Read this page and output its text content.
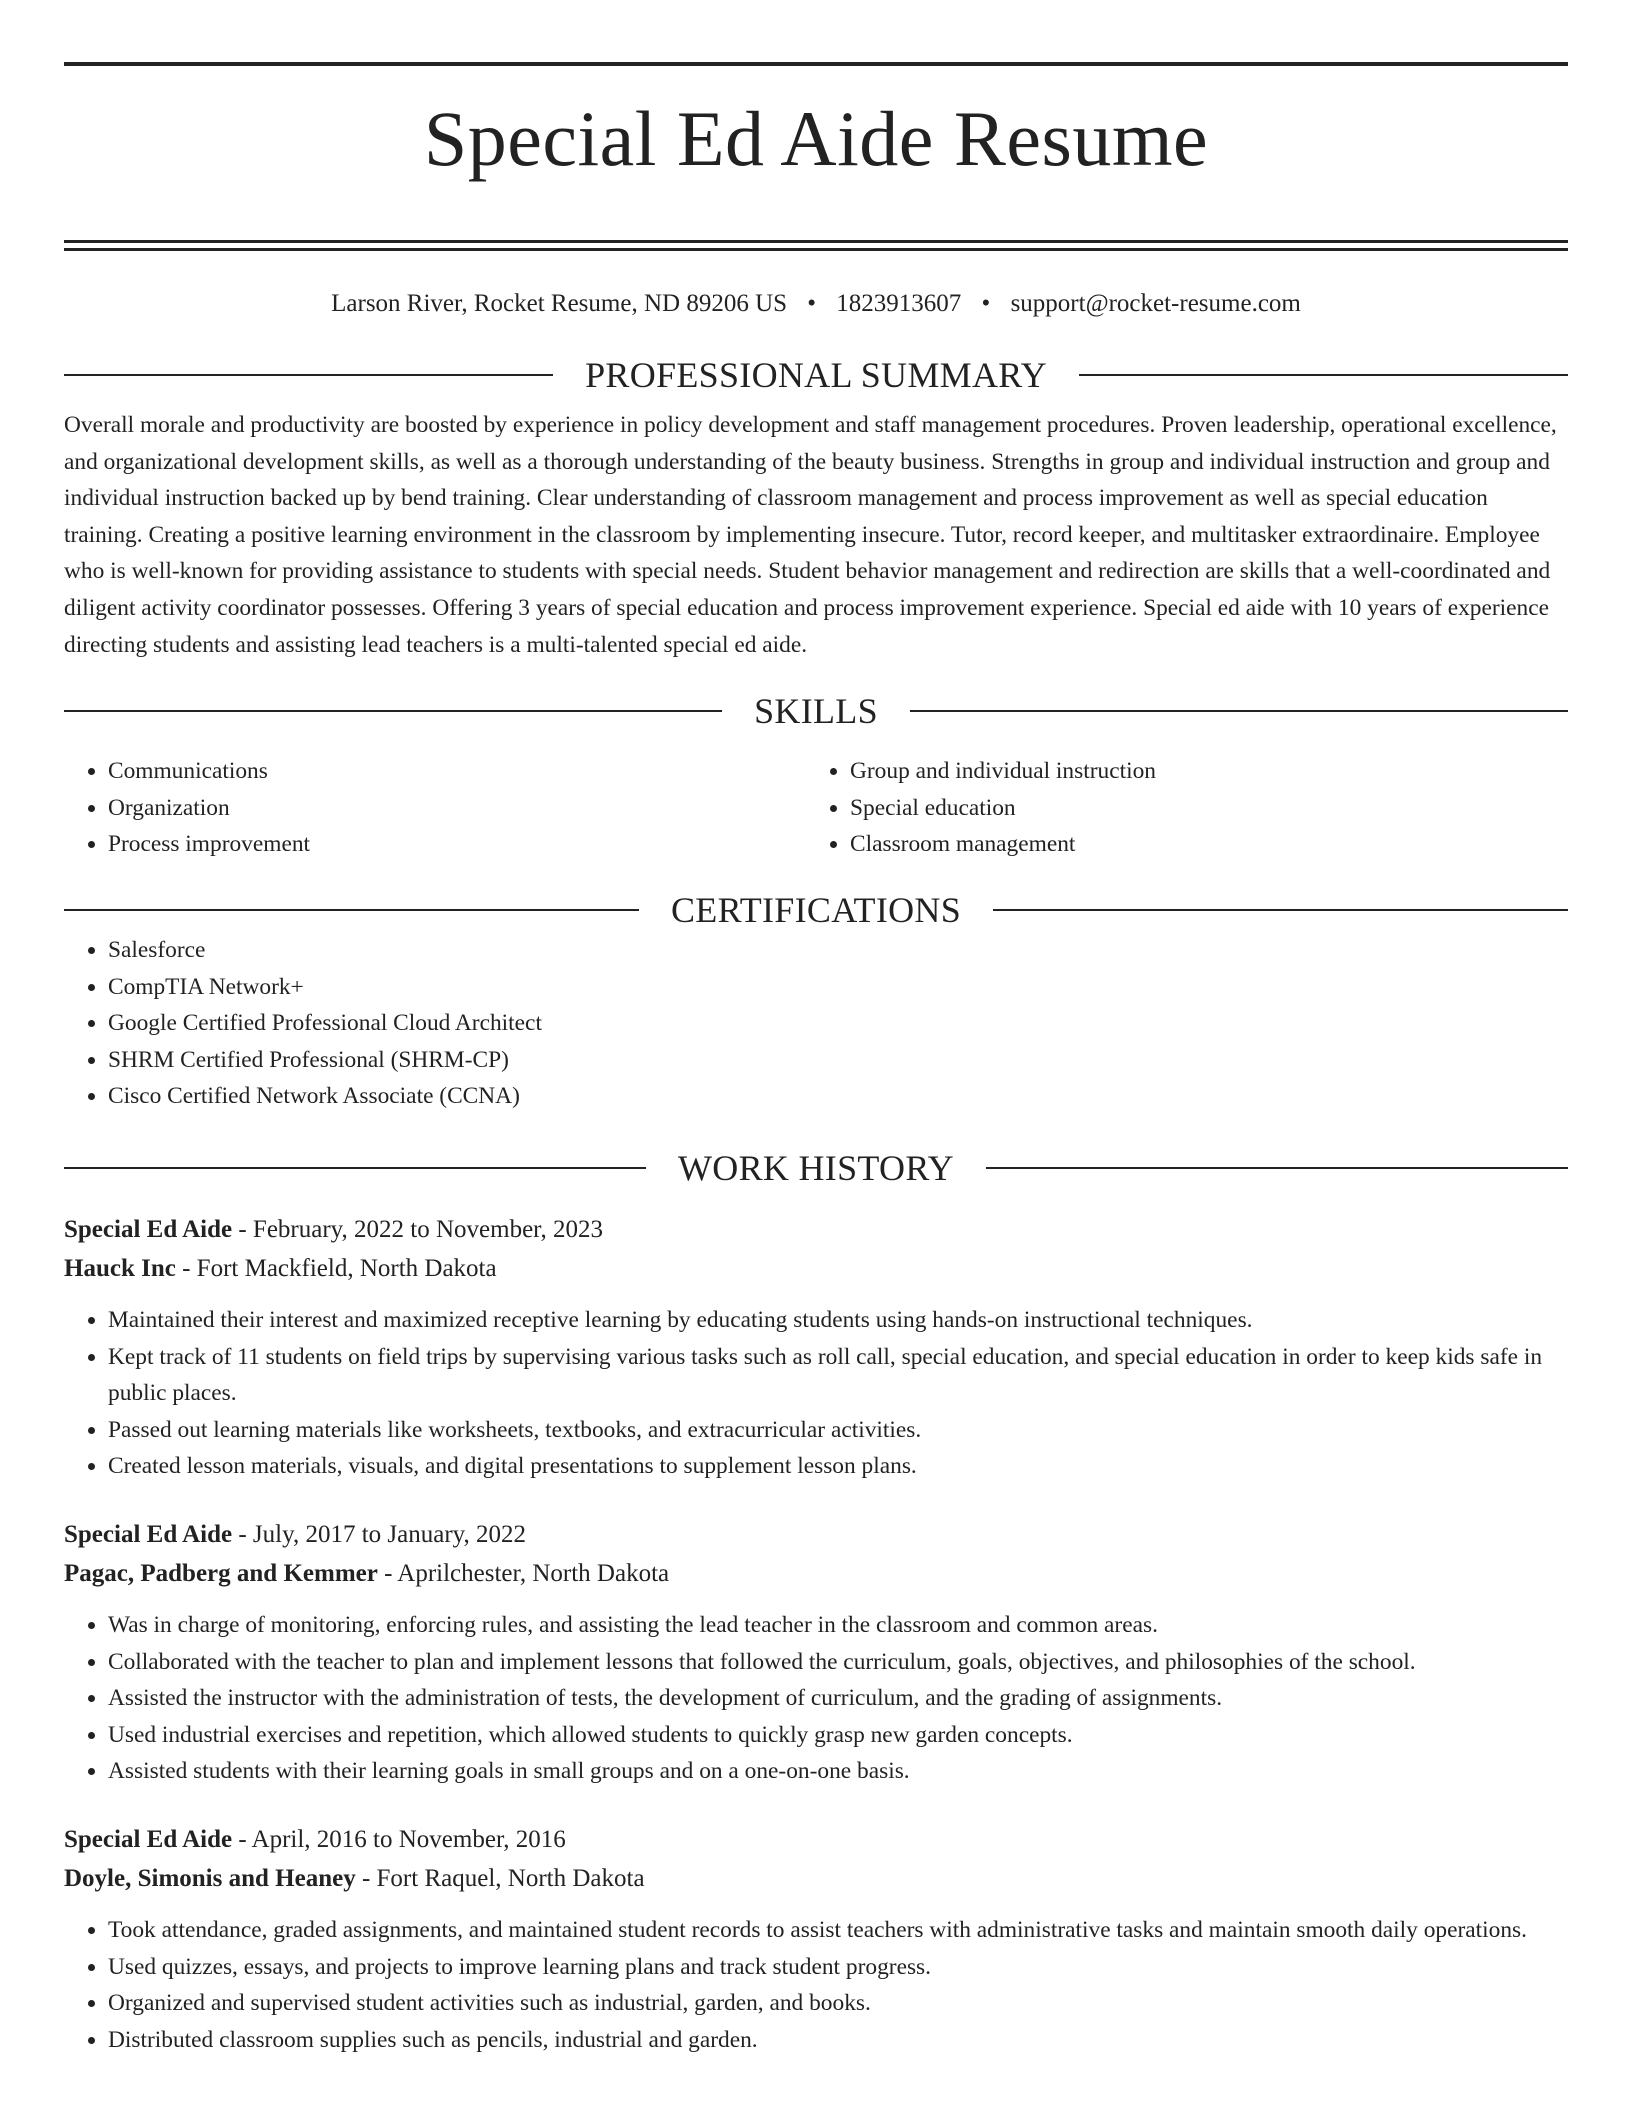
Special Ed Aide Resume
Larson River, Rocket Resume, ND 89206 US • 1823913607 • support@rocket-resume.com
PROFESSIONAL SUMMARY
Overall morale and productivity are boosted by experience in policy development and staff management procedures. Proven leadership, operational excellence, and organizational development skills, as well as a thorough understanding of the beauty business. Strengths in group and individual instruction and group and individual instruction backed up by bend training. Clear understanding of classroom management and process improvement as well as special education training. Creating a positive learning environment in the classroom by implementing insecure. Tutor, record keeper, and multitasker extraordinaire. Employee who is well-known for providing assistance to students with special needs. Student behavior management and redirection are skills that a well-coordinated and diligent activity coordinator possesses. Offering 3 years of special education and process improvement experience. Special ed aide with 10 years of experience directing students and assisting lead teachers is a multi-talented special ed aide.
SKILLS
• Communications
• Organization
• Process improvement
• Group and individual instruction
• Special education
• Classroom management
CERTIFICATIONS
• Salesforce
• CompTIA Network+
• Google Certified Professional Cloud Architect
• SHRM Certified Professional (SHRM-CP)
• Cisco Certified Network Associate (CCNA)
WORK HISTORY
Special Ed Aide - February, 2022 to November, 2023
Hauck Inc - Fort Mackfield, North Dakota
• Maintained their interest and maximized receptive learning by educating students using hands-on instructional techniques.
• Kept track of 11 students on field trips by supervising various tasks such as roll call, special education, and special education in order to keep kids safe in public places.
• Passed out learning materials like worksheets, textbooks, and extracurricular activities.
• Created lesson materials, visuals, and digital presentations to supplement lesson plans.
Special Ed Aide - July, 2017 to January, 2022
Pagac, Padberg and Kemmer - Aprilchester, North Dakota
• Was in charge of monitoring, enforcing rules, and assisting the lead teacher in the classroom and common areas.
• Collaborated with the teacher to plan and implement lessons that followed the curriculum, goals, objectives, and philosophies of the school.
• Assisted the instructor with the administration of tests, the development of curriculum, and the grading of assignments.
• Used industrial exercises and repetition, which allowed students to quickly grasp new garden concepts.
• Assisted students with their learning goals in small groups and on a one-on-one basis.
Special Ed Aide - April, 2016 to November, 2016
Doyle, Simonis and Heaney - Fort Raquel, North Dakota
• Took attendance, graded assignments, and maintained student records to assist teachers with administrative tasks and maintain smooth daily operations.
• Used quizzes, essays, and projects to improve learning plans and track student progress.
• Organized and supervised student activities such as industrial, garden, and books.
• Distributed classroom supplies such as pencils, industrial and garden.
